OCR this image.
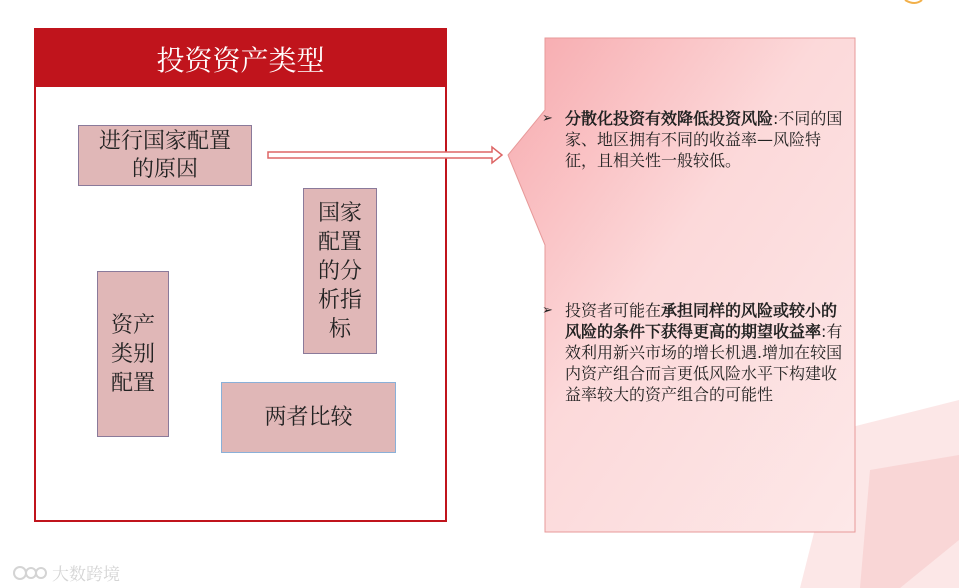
投资资产类型
进行国家配置的原因
国家配置的分析指标
资产类别配置
两者比较
➢ 分散化投资有效降低投资风险:不同的国家、地区拥有不同的收益率—风险特征，且相关性一般较低。
➢ 投资者可能在承担同样的风险或较小的风险的条件下获得更高的期望收益率:有效利用新兴市场的增长机遇.增加在较国内资产组合而言更低风险水平下构建收益率较大的资产组合的可能性
大数跨境
